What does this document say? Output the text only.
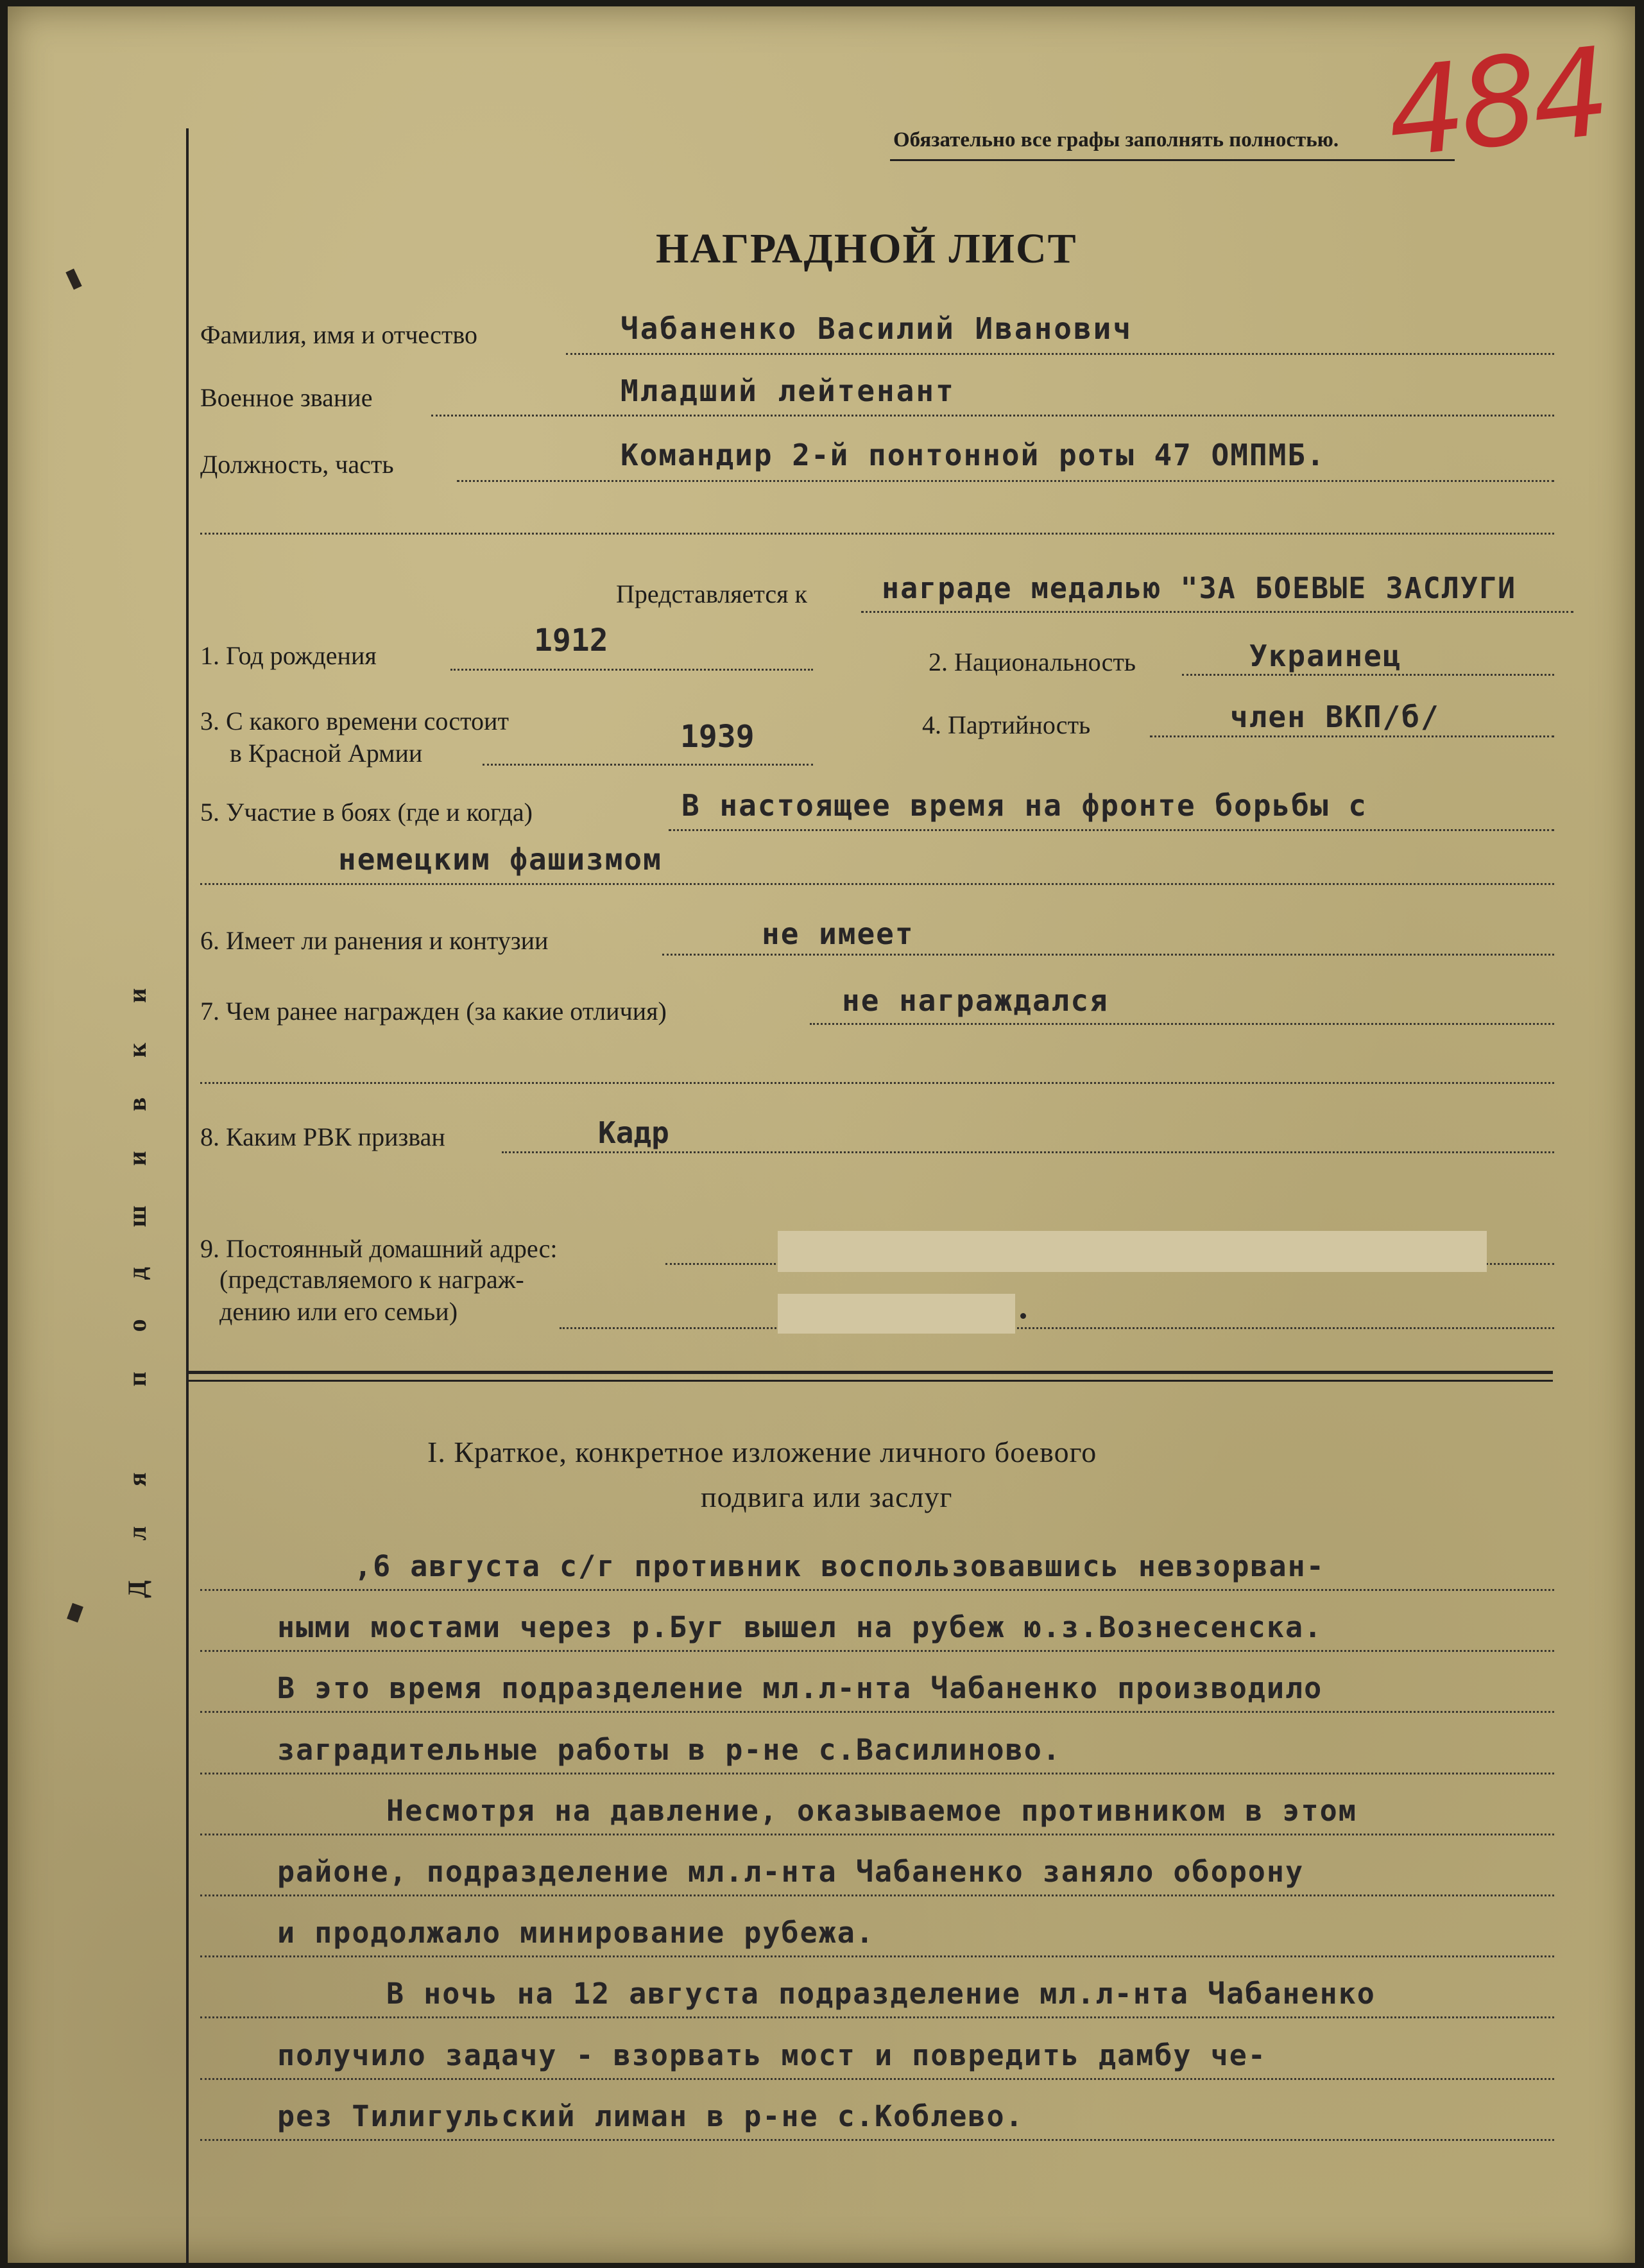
​
Для подшивки
Обязательно все графы заполнять полностью. 484
НАГРАДНОЙ ЛИСТ
Фамилия, имя и отчество	Чабаненко Василий Иванович
Военное звание	Младший лейтенант
Должность, часть	Командир 2-й понтонной роты 47 ОМПМБ.
Представляется к	награде медалью "ЗА БОЕВЫЕ ЗАСЛУГИ
1. Год рождения	1912
2. Национальность	Украинец
3. С какого времени состоит
в Красной Армии	1939	4. Партийность	член ВКП/б/
5. Участие в боях (где и когда)	В настоящее время на фронте борьбы с
немецким фашизмом
6. Имеет ли ранения и контузии	не имеет
7. Чем ранее награжден (за какие отличия)	не награждался
8. Каким РВК призван	Кадр
9. Постоянный домашний адрес:
(представляемого к награж-
дению или его семьи)
I. Краткое, конкретное изложение личного боевого
подвига или заслуг
,6 августа с/г противник воспользовавшись невзорван-
ными мостами через р.Буг вышел на рубеж ю.з.Вознесенска.
В это время подразделение мл.л-нта Чабаненко производило
заградительные работы в р-не с.Василиново.
Несмотря на давление, оказываемое противником в этом
районе, подразделение мл.л-нта Чабаненко заняло оборону
и продолжало минирование рубежа.
В ночь на 12 августа подразделение мл.л-нта Чабаненко
получило задачу - взорвать мост и повредить дамбу че-
рез Тилигульский лиман в р-не с.Коблево.
